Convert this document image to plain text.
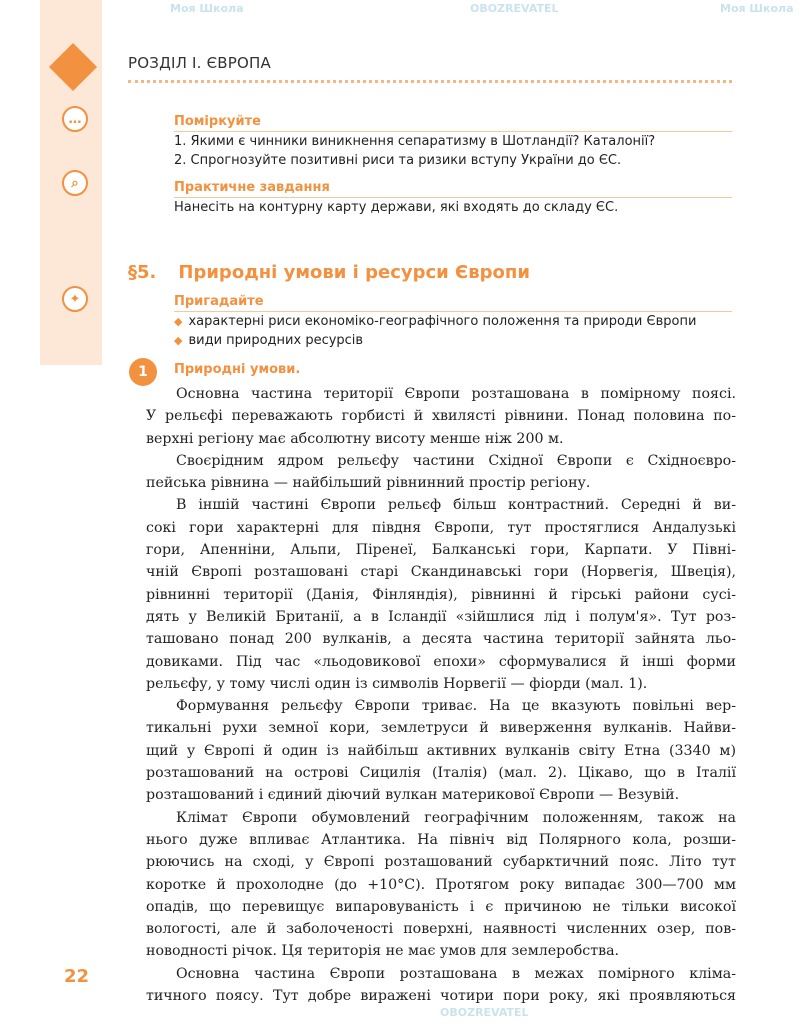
…
⌕
✦
РОЗДІЛ І. ЄВРОПА
Поміркуйте
1. Якими є чинники виникнення сепаратизму в Шотландії? Каталонії?
2. Спрогнозуйте позитивні риси та ризики вступу України до ЄС.
Практичне завдання
Нанесіть на контурну карту держави, які входять до складу ЄС.
§5. Природні умови і ресурси Європи
Пригадайте
◆ характерні риси економіко-географічного положення та природи Європи
◆ види природних ресурсів
1	Природні умови.
Основна частина території Європи розташована в помірному поясі.
У рельєфі переважають горбисті й хвилясті рівнини. Понад половина по-
верхні регіону має абсолютну висоту менше ніж 200 м.
Своєрідним ядром рельєфу частини Східної Європи є Східноєвро-
пейська рівнина — найбільший рівнинний простір регіону.
В іншій частині Європи рельєф більш контрастний. Середні й ви-
сокі гори характерні для півдня Європи, тут простяглися Андалузькі
гори, Апенніни, Альпи, Піренеї, Балканські гори, Карпати. У Півні-
чній Європі розташовані старі Скандинавські гори (Норвегія, Швеція),
рівнинні території (Данія, Фінляндія), рівнинні й гірські райони сусі-
дять у Великій Британії, а в Ісландії «зійшлися лід і полум'я». Тут роз-
ташовано понад 200 вулканів, а десята частина території зайнята льо-
довиками. Під час «льодовикової епохи» сформувалися й інші форми
рельєфу, у тому числі один із символів Норвегії — фіорди (мал. 1).
Формування рельєфу Європи триває. На це вказують повільні вер-
тикальні рухи земної кори, землетруси й виверження вулканів. Найви-
щий у Європі й один із найбільш активних вулканів світу Етна (3340 м)
розташований на острові Сицилія (Італія) (мал. 2). Цікаво, що в Італії
розташований і єдиний діючий вулкан материкової Європи — Везувій.
Клімат Європи обумовлений географічним положенням, також на
нього дуже впливає Атлантика. На північ від Полярного кола, розши-
рюючись на сході, у Європі розташований субарктичний пояс. Літо тут
коротке й прохолодне (до +10°С). Протягом року випадає 300—700 мм
опадів, що перевищує випаровуваність і є причиною не тільки високої
вологості, але й заболоченості поверхні, наявності численних озер, пов-
новодності річок. Ця територія не має умов для землеробства.
Основна частина Європи розташована в межах помірного кліма-
тичного поясу. Тут добре виражені чотири пори року, які проявляються
22
Моя Школа	OBOZREVATEL	Моя Школа
OBOZREVATEL
